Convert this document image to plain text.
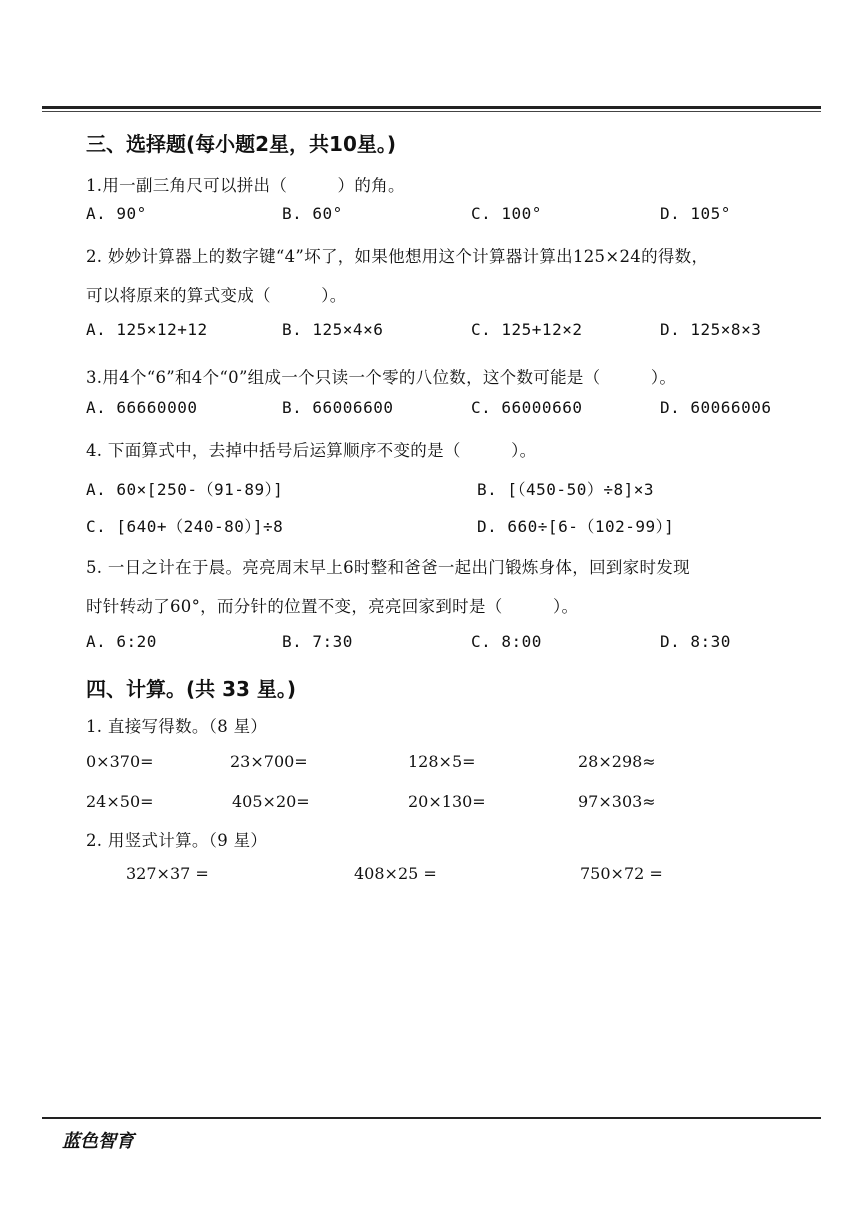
三、选择题(每小题2星，共10星。)
1.用一副三角尺可以拼出（　　　）的角。
A. 90°	B. 60°	C. 100°	D. 105°
2. 妙妙计算器上的数字键“4”坏了，如果他想用这个计算器计算出125×24的得数，
可以将原来的算式变成（　　　）。
A. 125×12+12	B. 125×4×6	C. 125+12×2	D. 125×8×3
3.用4个“6”和4个“0”组成一个只读一个零的八位数，这个数可能是（　　　）。
A. 66660000	B. 66006600	C. 66000660	D. 60066006
4. 下面算式中，去掉中括号后运算顺序不变的是（　　　）。
A. 60×[250-（91-89）]	B. [（450-50）÷8]×3
C. [640+（240-80）]÷8	D. 660÷[6-（102-99）]
5. 一日之计在于晨。亮亮周末早上6时整和爸爸一起出门锻炼身体，回到家时发现
时针转动了60°，而分针的位置不变，亮亮回家到时是（　　　）。
A. 6:20	B. 7:30	C. 8:00	D. 8:30
四、计算。(共 33 星。)
1. 直接写得数。（8 星）
0×370=	23×700=	128×5=	28×298≈
24×50=	405×20=	20×130=	97×303≈
2. 用竖式计算。（9 星）
327×37 =	408×25 =	750×72 =
蓝色智育
